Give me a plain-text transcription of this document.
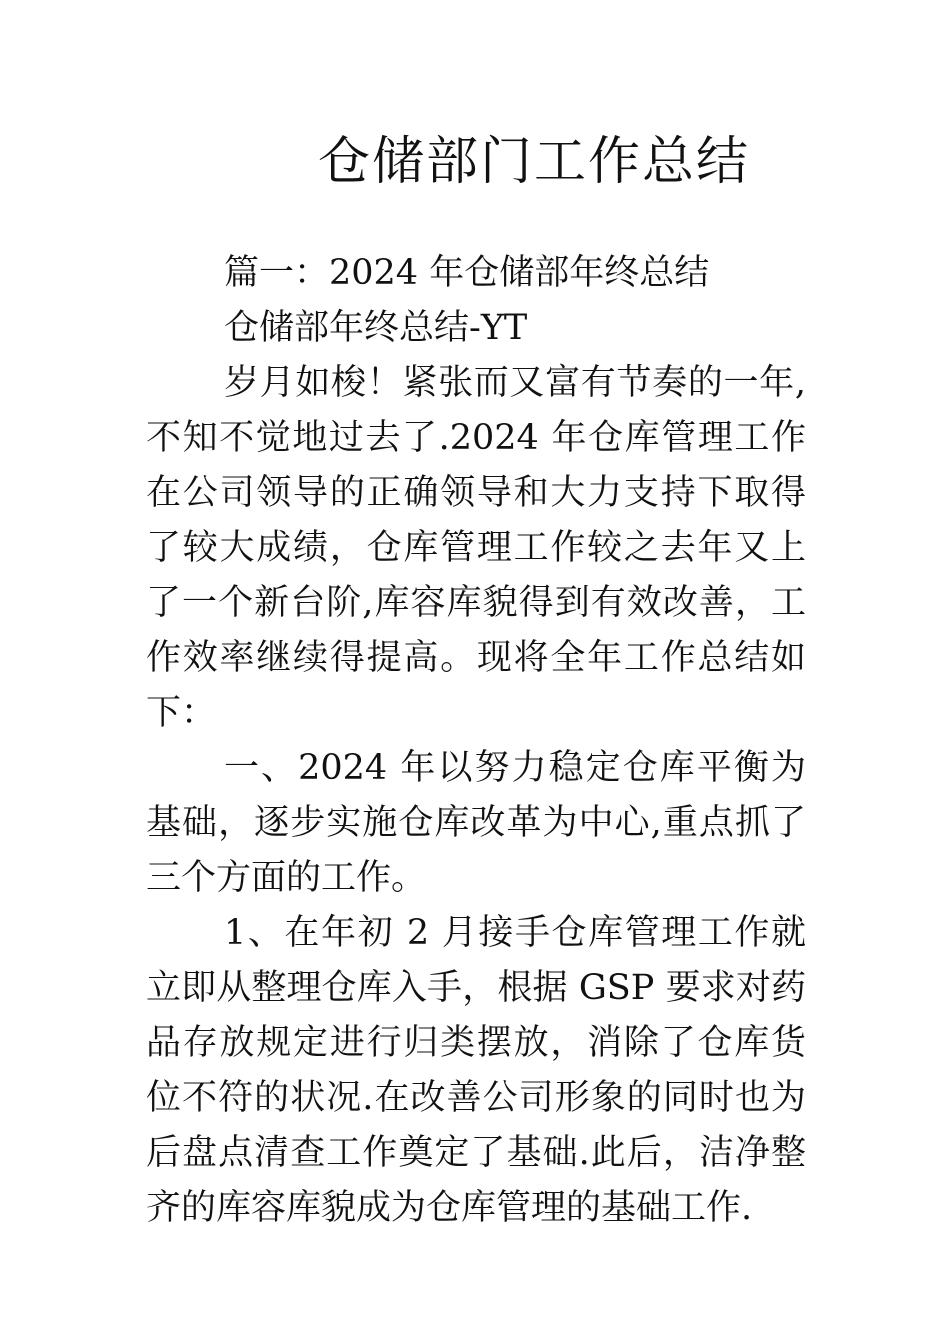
仓储部门工作总结

篇一：2024 年仓储部年终总结

仓储部年终总结-YT

岁月如梭！紧张而又富有节奏的一年,不知不觉地过去了.2024 年仓库管理工作在公司领导的正确领导和大力支持下取得了较大成绩，仓库管理工作较之去年又上了一个新台阶,库容库貌得到有效改善，工作效率继续得提高。现将全年工作总结如下：

一、2024 年以努力稳定仓库平衡为基础，逐步实施仓库改革为中心,重点抓了三个方面的工作。

1、在年初 2 月接手仓库管理工作就立即从整理仓库入手，根据 GSP 要求对药品存放规定进行归类摆放，消除了仓库货位不符的状况.在改善公司形象的同时也为后盘点清查工作奠定了基础.此后，洁净整齐的库容库貌成为仓库管理的基础工作.
